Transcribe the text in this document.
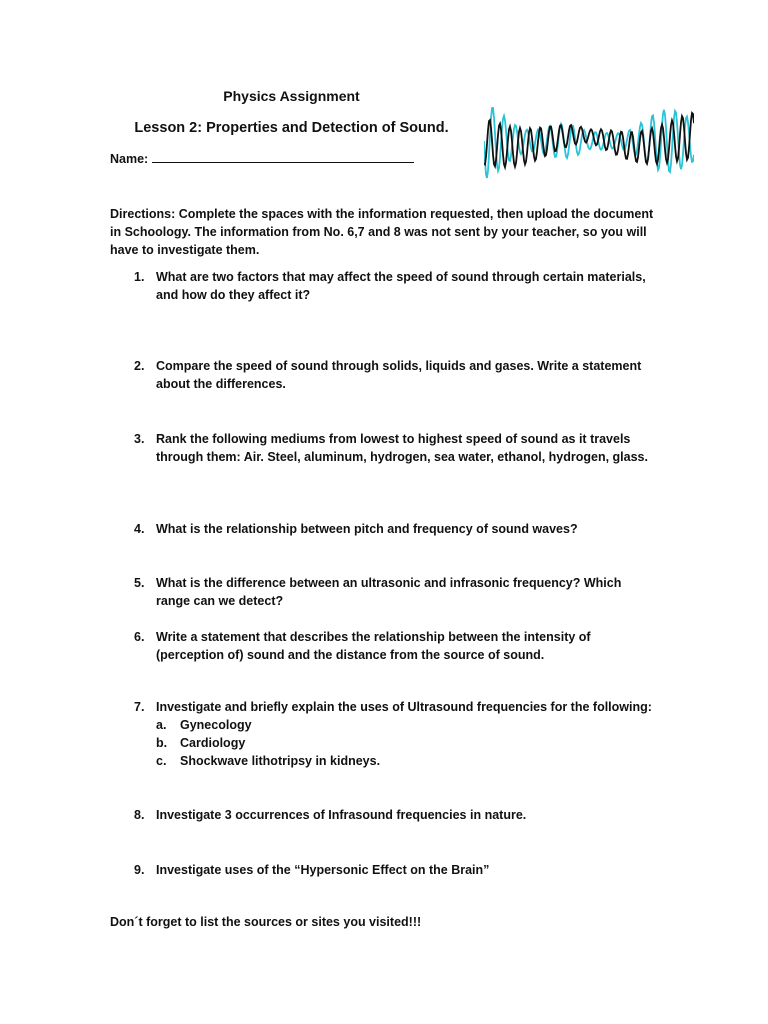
Physics Assignment
Lesson 2: Properties and Detection of Sound.
Name:
Directions: Complete the spaces with the information requested, then upload the document in Schoology. The information from No. 6,7 and 8 was not sent by your teacher, so you will have to investigate them.
1. What are two factors that may affect the speed of sound through certain materials, and how do they affect it?
2. Compare the speed of sound through solids, liquids and gases. Write a statement about the differences.
3. Rank the following mediums from lowest to highest speed of sound as it travels through them: Air. Steel, aluminum, hydrogen, sea water, ethanol, hydrogen, glass.
4. What is the relationship between pitch and frequency of sound waves?
5. What is the difference between an ultrasonic and infrasonic frequency? Which range can we detect?
6. Write a statement that describes the relationship between the intensity of (perception of) sound and the distance from the source of sound.
7. Investigate and briefly explain the uses of Ultrasound frequencies for the following:
a. Gynecology
b. Cardiology
c. Shockwave lithotripsy in kidneys.
8. Investigate 3 occurrences of Infrasound frequencies in nature.
9. Investigate uses of the “Hypersonic Effect on the Brain”
Don´t forget to list the sources or sites you visited!!!
